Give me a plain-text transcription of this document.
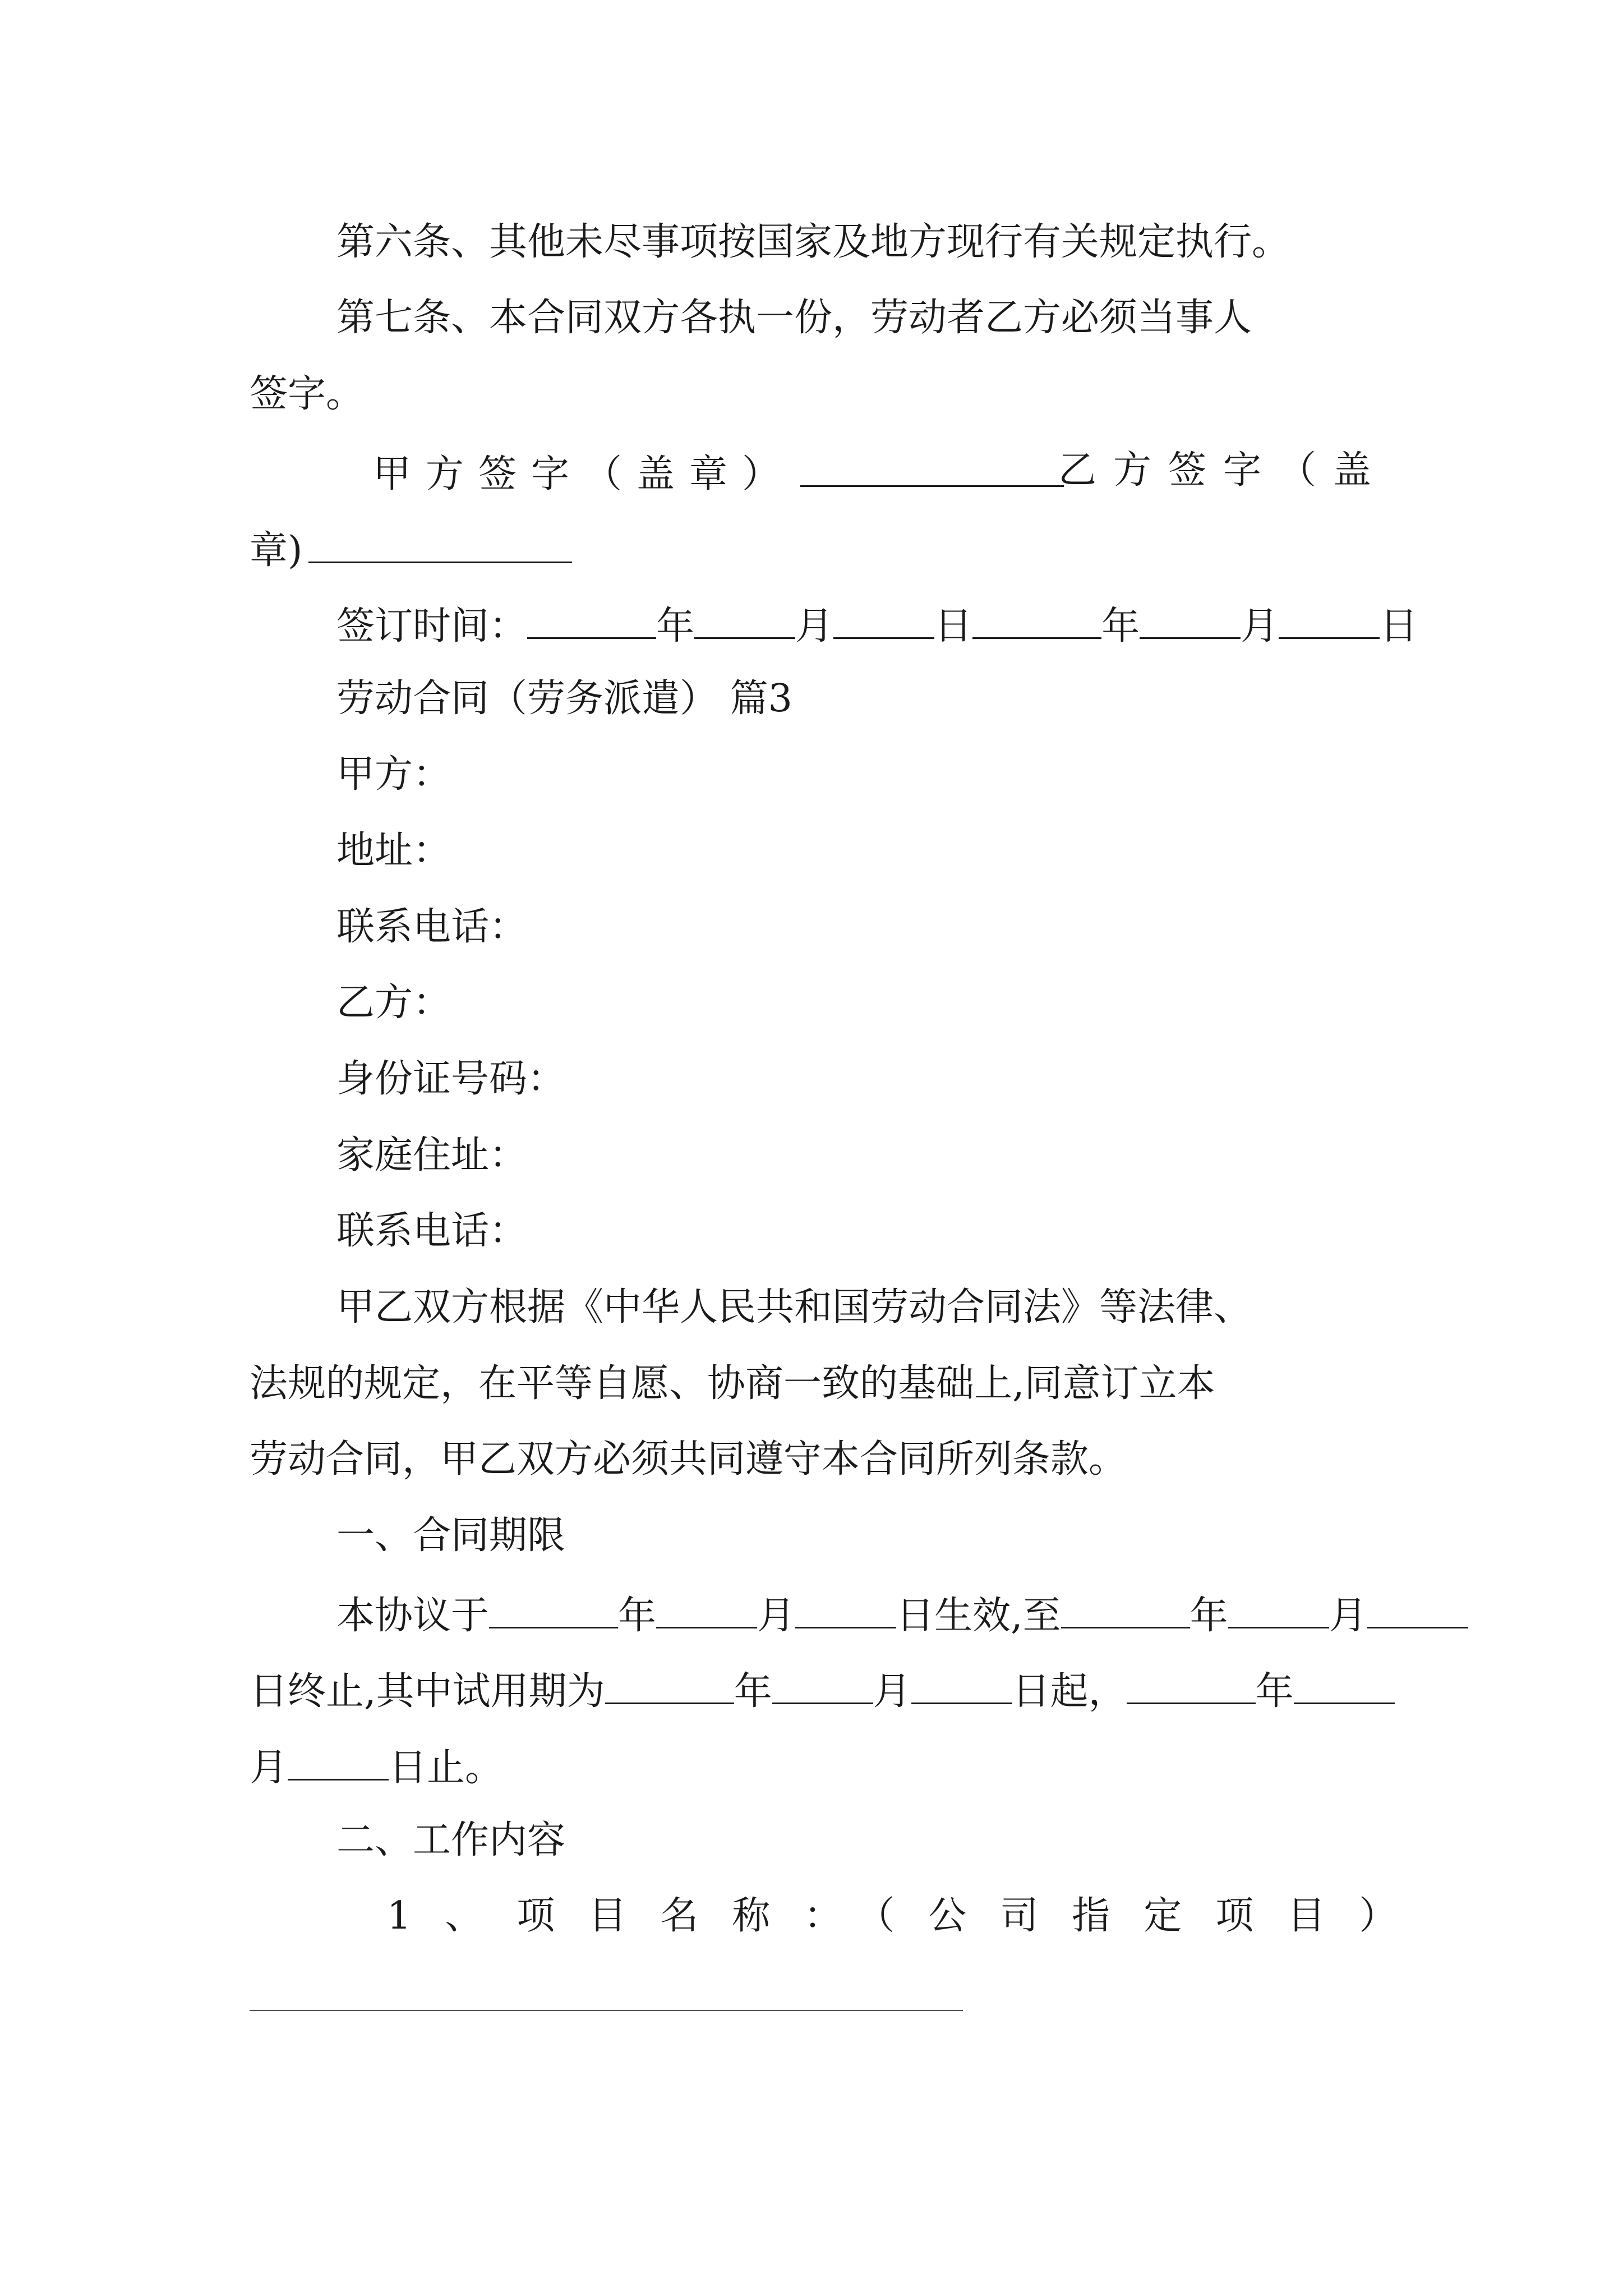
第六条、其他未尽事项按国家及地方现行有关规定执行。

第七条、本合同双方各执一份，劳动者乙方必须当事人

签字。

甲方签字（盖章）	乙方签字（盖

章)

签订时间：	年	月	日	年	月	日

劳动合同（劳务派遣） 篇3

甲方：

地址：

联系电话：

乙方：

身份证号码：

家庭住址：

联系电话：

甲乙双方根据《中华人民共和国劳动合同法》等法律、

法规的规定，在平等自愿、协商一致的基础上,同意订立本

劳动合同，甲乙双方必须共同遵守本合同所列条款。

一、合同期限

本协议于	年	月	日生效,至	年	月

日终止,其中试用期为	年	月	日起，	年

月	日止。

二、工作内容

1、项目名称：（公司指定项目）
